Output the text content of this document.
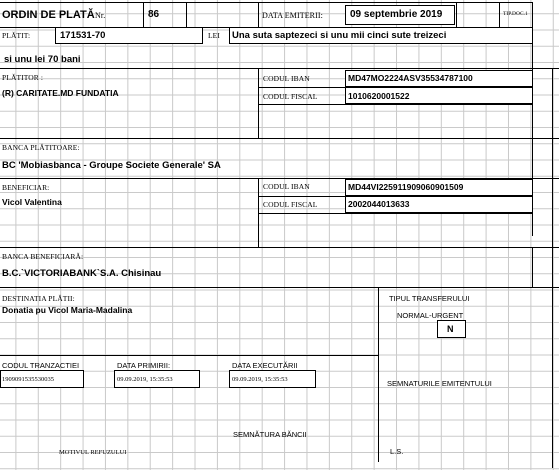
ORDIN DE PLATĂ Nr.	86	DATA EMITERII:	09 septembrie 2019	TIP.DOC.1
PLĂTIT:	171531-70	LEI Una suta saptezeci si unu mii cinci sute treizeci
si unu lei 70 bani
PLĂTITOR :
(R) CARITATE.MD FUNDATIA
CODUL IBAN	MD47MO2224ASV35534787100
CODUL FISCAL	1010620001522
BANCA PLĂTITOARE:
BC 'Mobiasbanca - Groupe Societe Generale' SA
BENEFICIAR:
Vicol Valentina
CODUL IBAN	MD44VI225911909060901509
CODUL FISCAL	2002044013633
BANCA BENEFICIARĂ:
B.C.`VICTORIABANK`S.A. Chisinau
DESTINATIA PLĂTII:
Donatia pu Vicol Maria-Madalina
TIPUL TRANSFERULUI
NORMAL-URGENT
N
CODUL TRANZACTIEI
1909091535530035
DATA PRIMIRII:
09.09.2019, 15:35:53
DATA EXECUTĂRII
09.09.2019, 15:35:53	SEMNATURILE EMITENTULUI
SEMNĂTURA BĂNCII
MOTIVUL REFUZULUI	L.S.
